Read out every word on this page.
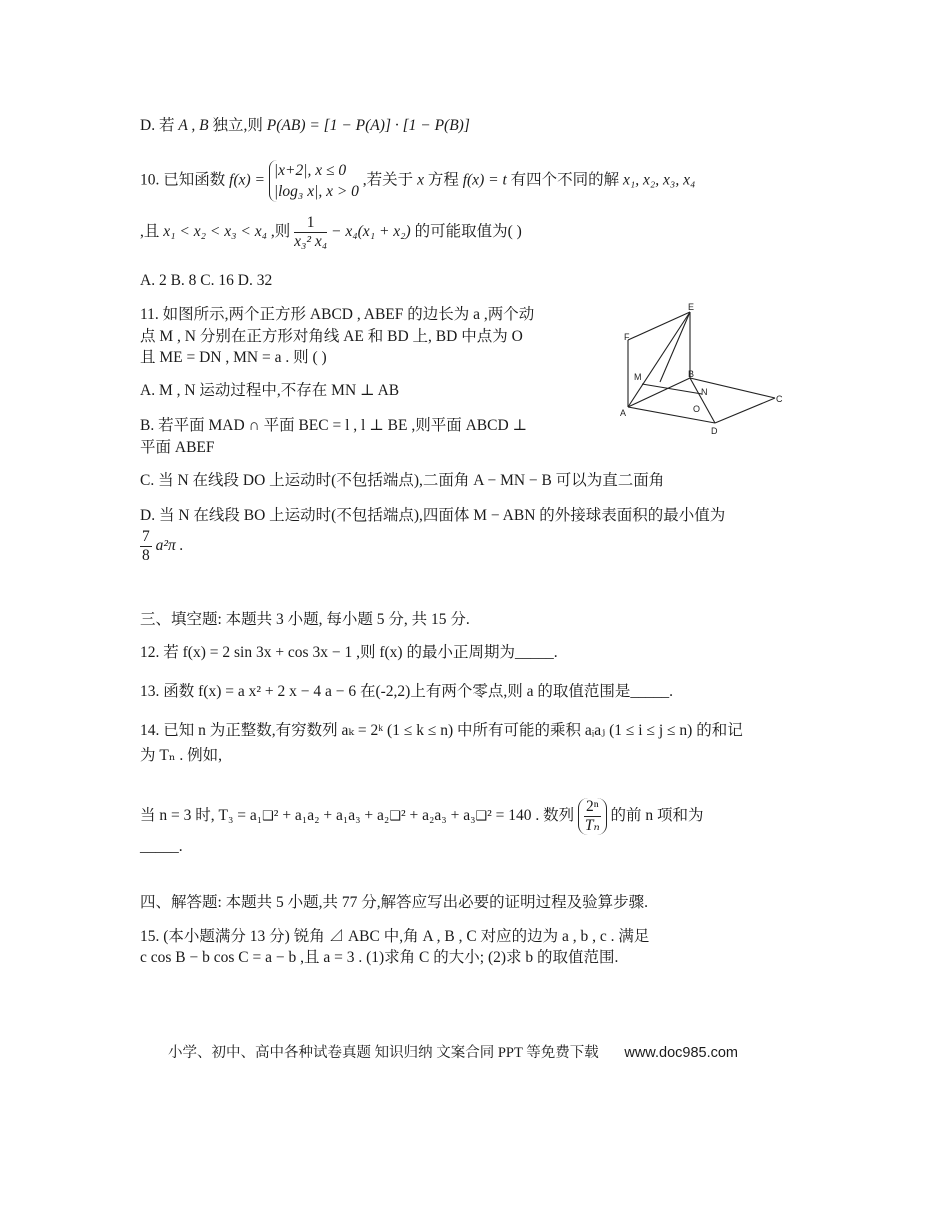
D. 若 A , B 独立,则 P(AB) = [1 − P(A)] · [1 − P(B)]
10. 已知函数 f(x) =
|x+2|, x ≤ 0
|log₃ x|, x > 0
,若关于 x 方程 f(x) = t 有四个不同的解 x₁, x₂, x₃, x₄
,且 x₁ < x₂ < x₃ < x₄ ,则 $\frac{1}{\text{x₃² x₄}} - x_4(x_1 + x_2)$ 的可能取值为( )
A. 2 B. 8 C. 16 D. 32
11. 如图所示,两个正方形 ABCD , ABEF 的边长为 a ,两个动
点 M , N 分别在正方形对角线 AE 和 BD 上, BD 中点为 O
且 ME = DN , MN = a . 则 ( )
A. M , N 运动过程中,不存在 MN ⊥ AB
B. 若平面 MAD ∩ 平面 BEC = l , l ⊥ BE ,则平面 ABCD ⊥
平面 ABEF
C. 当 N 在线段 DO 上运动时(不包括端点),二面角 A − MN − B 可以为直二面角
D. 当 N 在线段 BO 上运动时(不包括端点),四面体 M − ABN 的外接球表面积的最小值为
$\frac{7}{8} a^2\pi$ .
F
E
M	B
N
C
O
A
D
三、填空题: 本题共 3 小题, 每小题 5 分, 共 15 分.
12. 若 f(x) = 2 sin 3x + cos 3x − 1 ,则 f(x) 的最小正周期为_____.
13. 函数 f(x) = a x² + 2 x − 4 a − 6 在(-2,2)上有两个零点,则 a 的取值范围是_____.
14. 已知 n 为正整数,有穷数列 aₖ = 2ᵏ (1 ≤ k ≤ n) 中所有可能的乘积 aᵢaⱼ (1 ≤ i ≤ j ≤ n) 的和记
为 Tₙ . 例如,
当 n = 3 时, T₃ = a₁❑² + a₁a₂ + a₁a₃ + a₂❑² + a₂a₃ + a₃❑² = 140 . 数列 $\frac{\text{2ⁿ}}{\text{Tₙ}}$ 的前 n 项和为
_____.
四、解答题: 本题共 5 小题,共 77 分,解答应写出必要的证明过程及验算步骤.
15. (本小题满分 13 分) 锐角 ⊿ ABC 中,角 A , B , C 对应的边为 a , b , c . 满足
c cos B − b cos C = a − b ,且 a = 3 . (1)求角 C 的大小; (2)求 b 的取值范围.
小学、初中、高中各种试卷真题 知识归纳 文案合同 PPT 等免费下载 www.doc985.com
